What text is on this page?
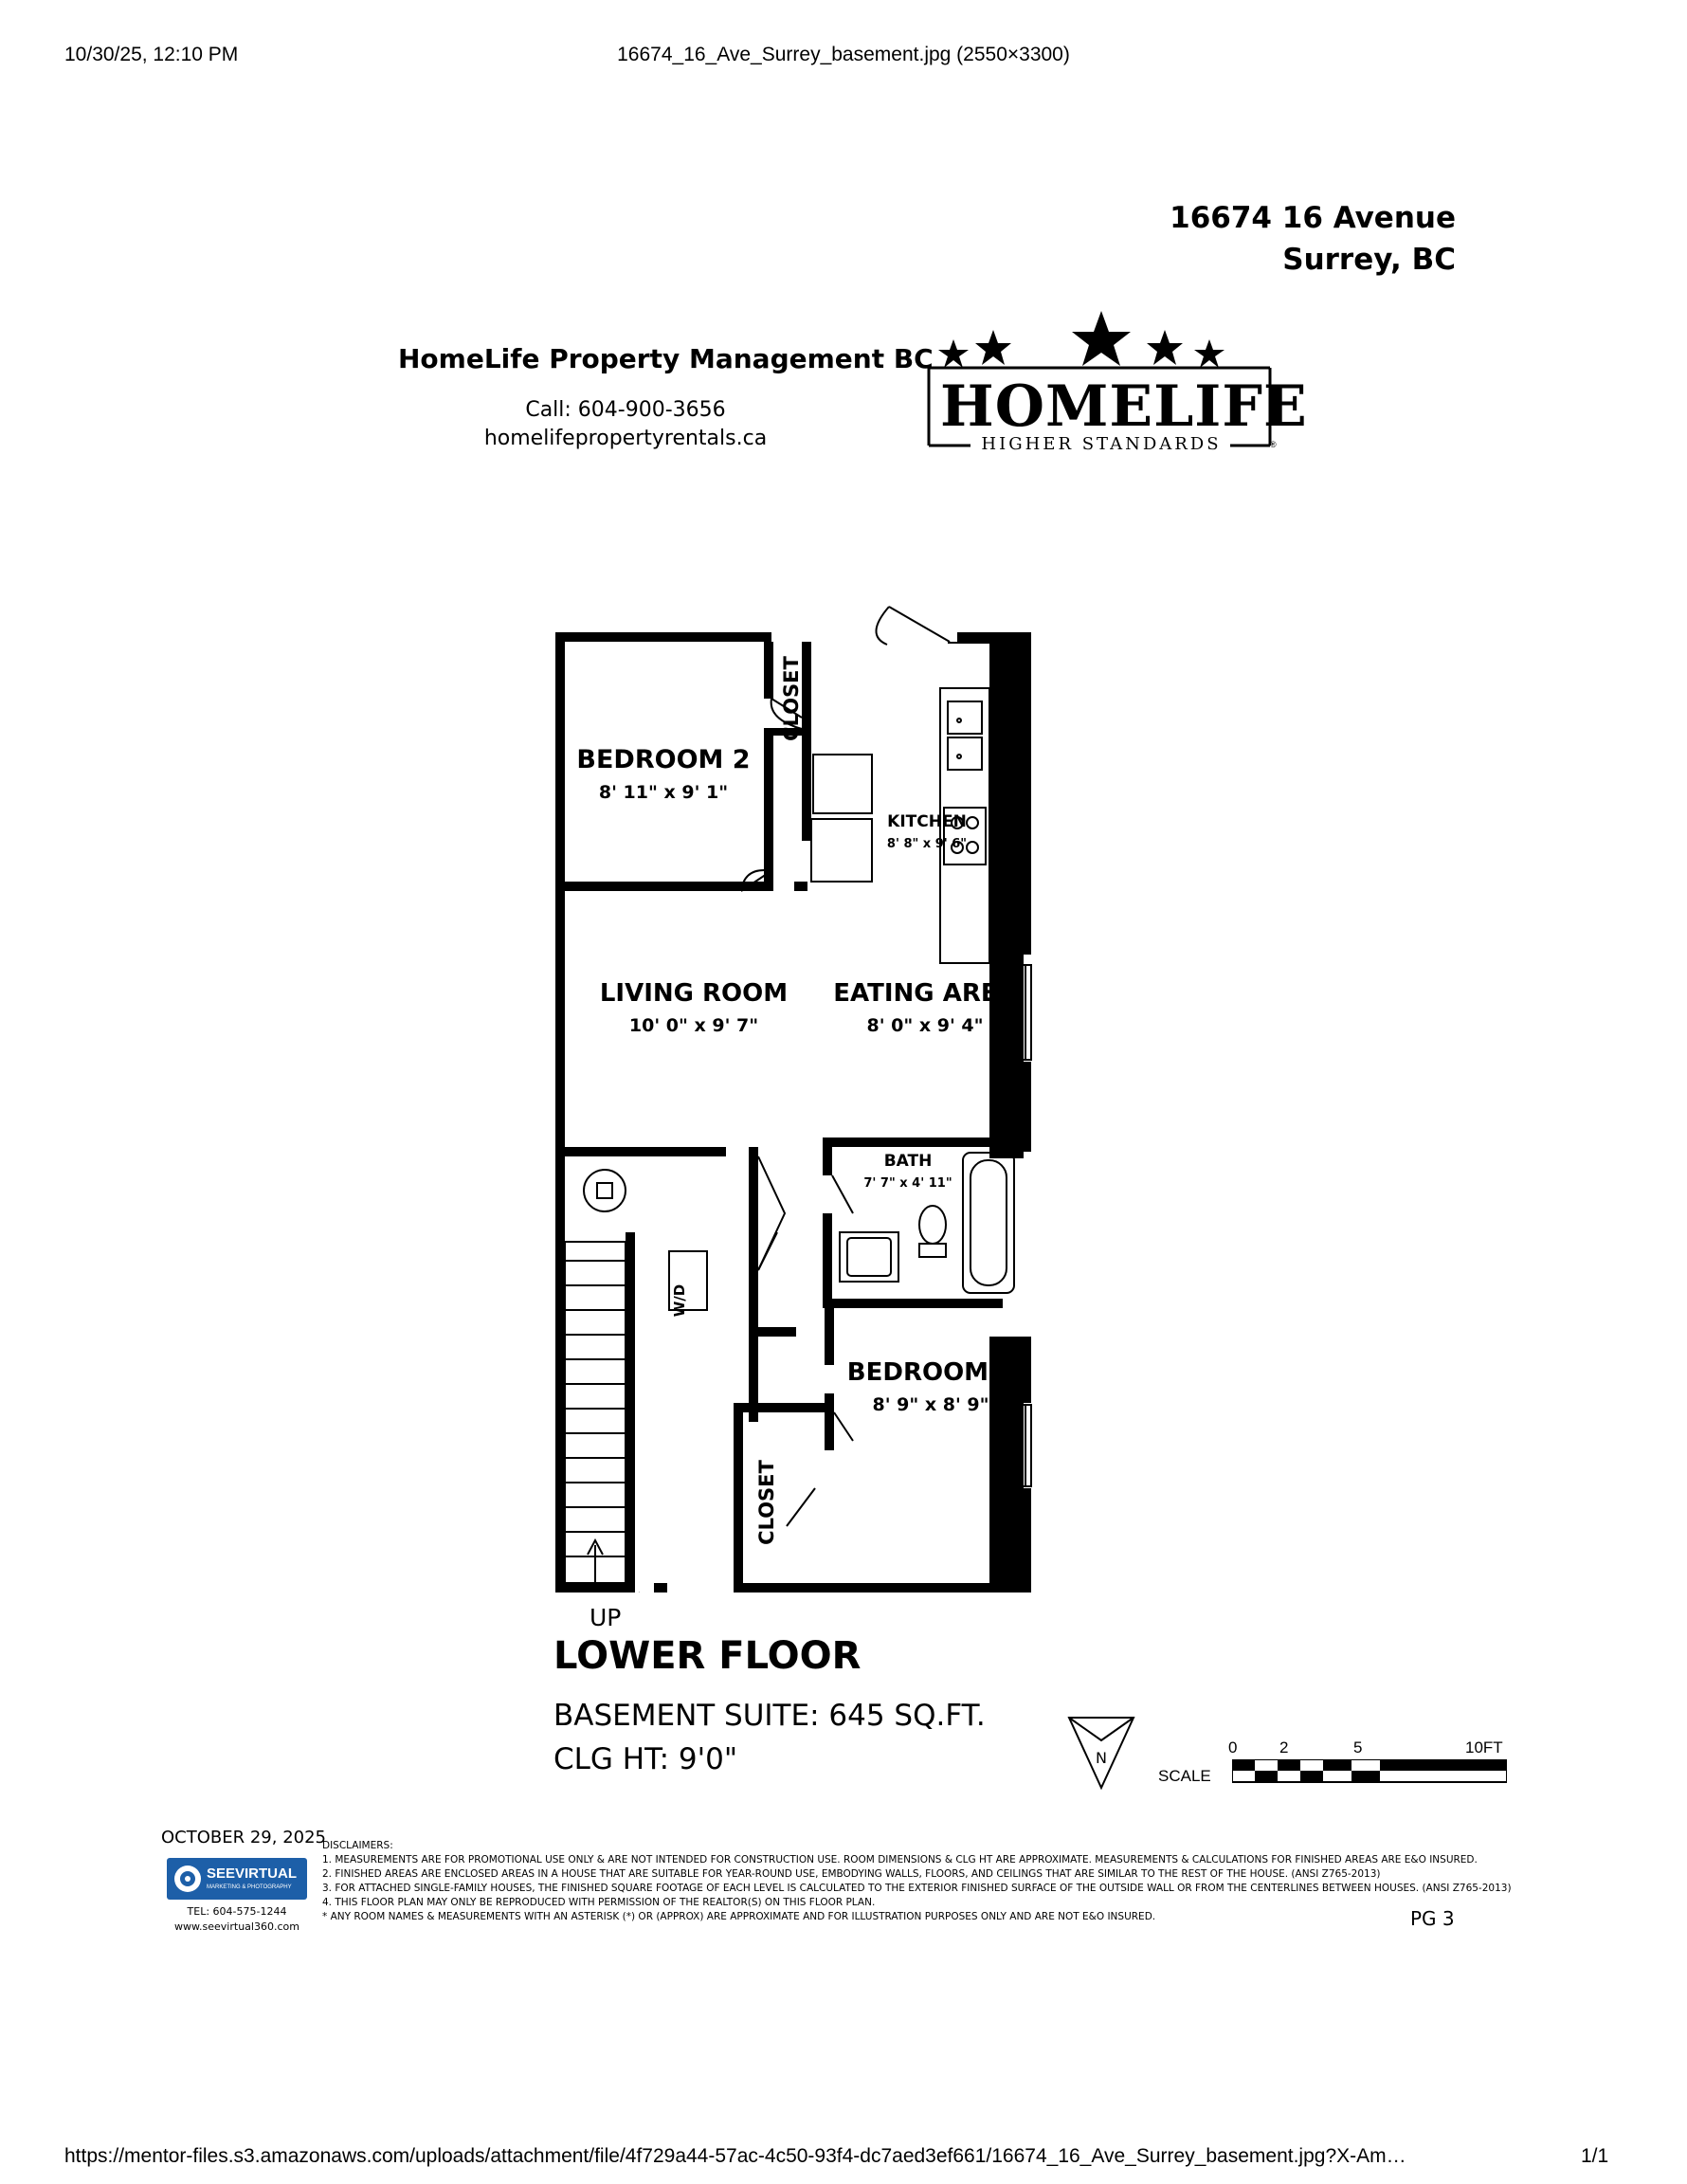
10/30/25, 12:10 PM	16674_16_Ave_Surrey_basement.jpg (2550×3300)
16674 16 Avenue
Surrey, BC
HomeLife Property Management BC
Call: 604-900-3656
homelifepropertyrentals.ca	HOMELIFE
HIGHER STANDARDS	®
BEDROOM 2
8' 11" x 9' 1"
CLOSET
KITCHEN
8' 8" x 9' 6"
LIVING ROOM
10' 0" x 9' 7"
EATING AREA
8' 0" x 9' 4"
BATH
7' 7" x 4' 11"
W/D
BEDROOM 1
8' 9" x 8' 9"
CLOSET
UP
LOWER FLOOR
BASEMENT SUITE: 645 SQ.FT.
CLG HT: 9'0"	N
0	2	5	10FT
SCALE
OCTOBER 29, 2025
SEEVIRTUAL
MARKETING & PHOTOGRAPHY
TEL: 604-575-1244
www.seevirtual360.com
DISCLAIMERS:
1. MEASUREMENTS ARE FOR PROMOTIONAL USE ONLY & ARE NOT INTENDED FOR CONSTRUCTION USE. ROOM DIMENSIONS & CLG HT ARE APPROXIMATE. MEASUREMENTS & CALCULATIONS FOR FINISHED AREAS ARE E&O INSURED.
2. FINISHED AREAS ARE ENCLOSED AREAS IN A HOUSE THAT ARE SUITABLE FOR YEAR-ROUND USE, EMBODYING WALLS, FLOORS, AND CEILINGS THAT ARE SIMILAR TO THE REST OF THE HOUSE. (ANSI Z765-2013)
3. FOR ATTACHED SINGLE-FAMILY HOUSES, THE FINISHED SQUARE FOOTAGE OF EACH LEVEL IS CALCULATED TO THE EXTERIOR FINISHED SURFACE OF THE OUTSIDE WALL OR FROM THE CENTERLINES BETWEEN HOUSES. (ANSI Z765-2013)
4. THIS FLOOR PLAN MAY ONLY BE REPRODUCED WITH PERMISSION OF THE REALTOR(S) ON THIS FLOOR PLAN.
* ANY ROOM NAMES & MEASUREMENTS WITH AN ASTERISK (*) OR (APPROX) ARE APPROXIMATE AND FOR ILLUSTRATION PURPOSES ONLY AND ARE NOT E&O INSURED.	PG 3
https://mentor-files.s3.amazonaws.com/uploads/attachment/file/4f729a44-57ac-4c50-93f4-dc7aed3ef661/16674_16_Ave_Surrey_basement.jpg?X-Am…	1/1
